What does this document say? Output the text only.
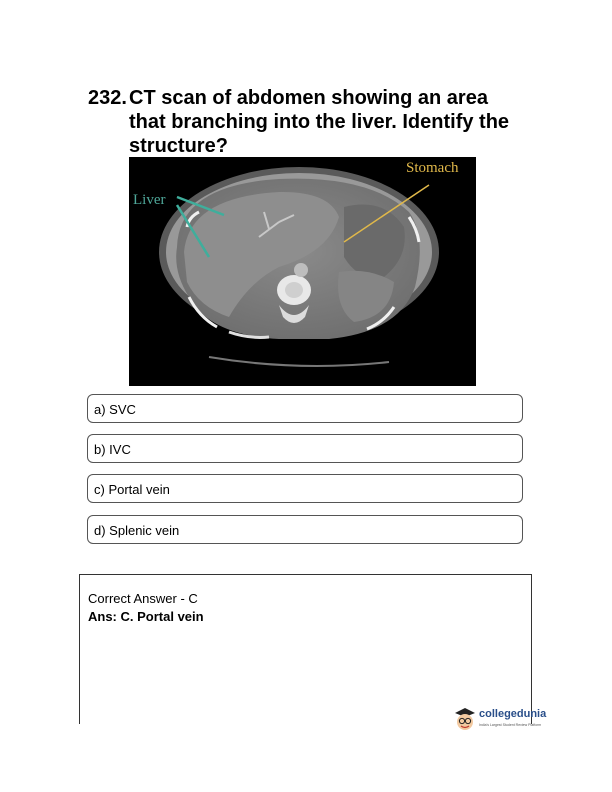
232. CT scan of abdomen showing an area that branching into the liver. Identify the structure?
Liver
Stomach
a) SVC
b) IVC
c) Portal vein
d) Splenic vein
Correct Answer - C
Ans: C. Portal vein
collegedunia
India's Largest Student Review Platform
